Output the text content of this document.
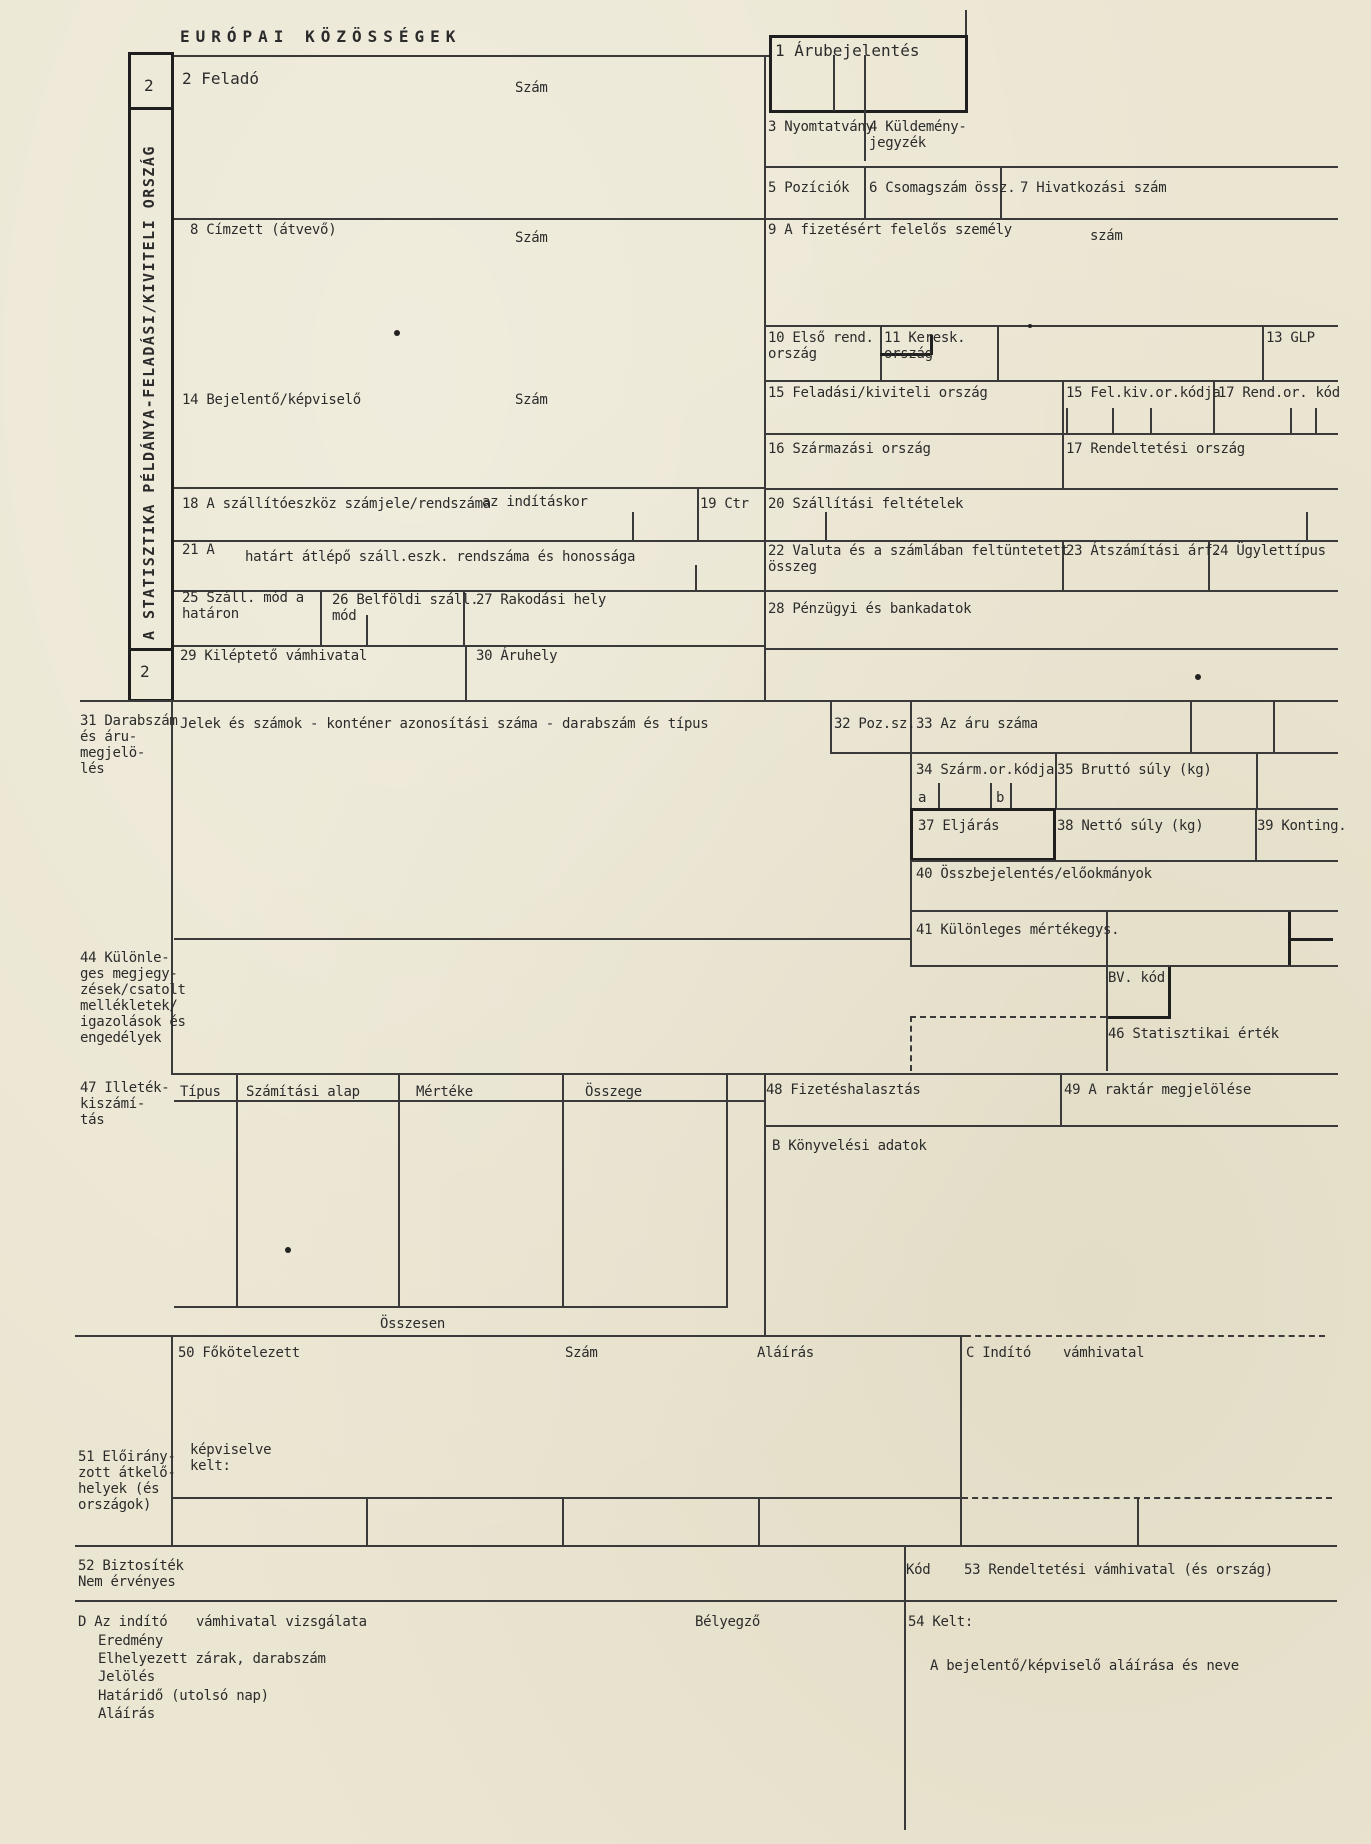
EURÓPAI KÖZÖSSÉGEK
2
2
A STATISZTIKA PÉLDÁNYA-FELADÁSI/KIVITELI ORSZÁG
1 Árubejelentés
2 Feladó	Szám
3 Nyomtatvány
4 Küldemény-
jegyzék
5 Pozíciók 6 Csomagszám össz. 7 Hivatkozási szám
8 Címzett (átvevő)	Szám	9 A fizetésért felelős személy	szám
10 Első rend.
ország
11 Keresk.
ország
13 GLP
14 Bejelentő/képviselő	Szám	15 Feladási/kiviteli ország	15 Fel.kiv.or.kódja
17 Rend.or. kód
16 Származási ország	17 Rendeltetési ország
18 A szállítóeszköz számjele/rendszáma
az indításkor	19 Ctr 20 Szállítási feltételek
21 A határt átlépő száll.eszk. rendszáma és honossága	22 Valuta és a számlában feltüntetett
összeg
23 Átszámítási árf.
24 Ügylettípus
25 Száll. mód a
határon
26 Belföldi száll.
mód
27 Rakodási hely
28 Pénzügyi és bankadatok
29 Kiléptető vámhivatal	30 Áruhely
31 Darabszám
és áru-
megjelö-
lés
Jelek és számok - konténer azonosítási száma - darabszám és típus	32 Poz.sz. 33 Az áru száma
34 Szárm.or.kódja
a	b
35 Bruttó súly (kg)
37 Eljárás	38 Nettó súly (kg)	39 Konting.
40 Összbejelentés/előokmányok
41 Különleges mértékegys.
44 Különle-
ges megjegy-
zések/csatolt
mellékletek/
igazolások és
engedélyek
BV. kód
46 Statisztikai érték
47 Illeték-
kiszámí-
tás
Típus Számítási alap	Mértéke	Összege
Összesen
48 Fizetéshalasztás	49 A raktár megjelölése
B Könyvelési adatok
50 Főkötelezett	Szám	Aláírás
képviselve
kelt:
C Indító vámhivatal
51 Előirány-
zott átkelő-
helyek (és
országok)
52 Biztosíték
Nem érvényes
Kód 53 Rendeltetési vámhivatal (és ország)
D Az indító vámhivatal vizsgálata
Eredmény
Elhelyezett zárak, darabszám
Jelölés
Határidő (utolsó nap)
Aláírás
Bélyegző	54 Kelt:
A bejelentő/képviselő aláírása és neve
